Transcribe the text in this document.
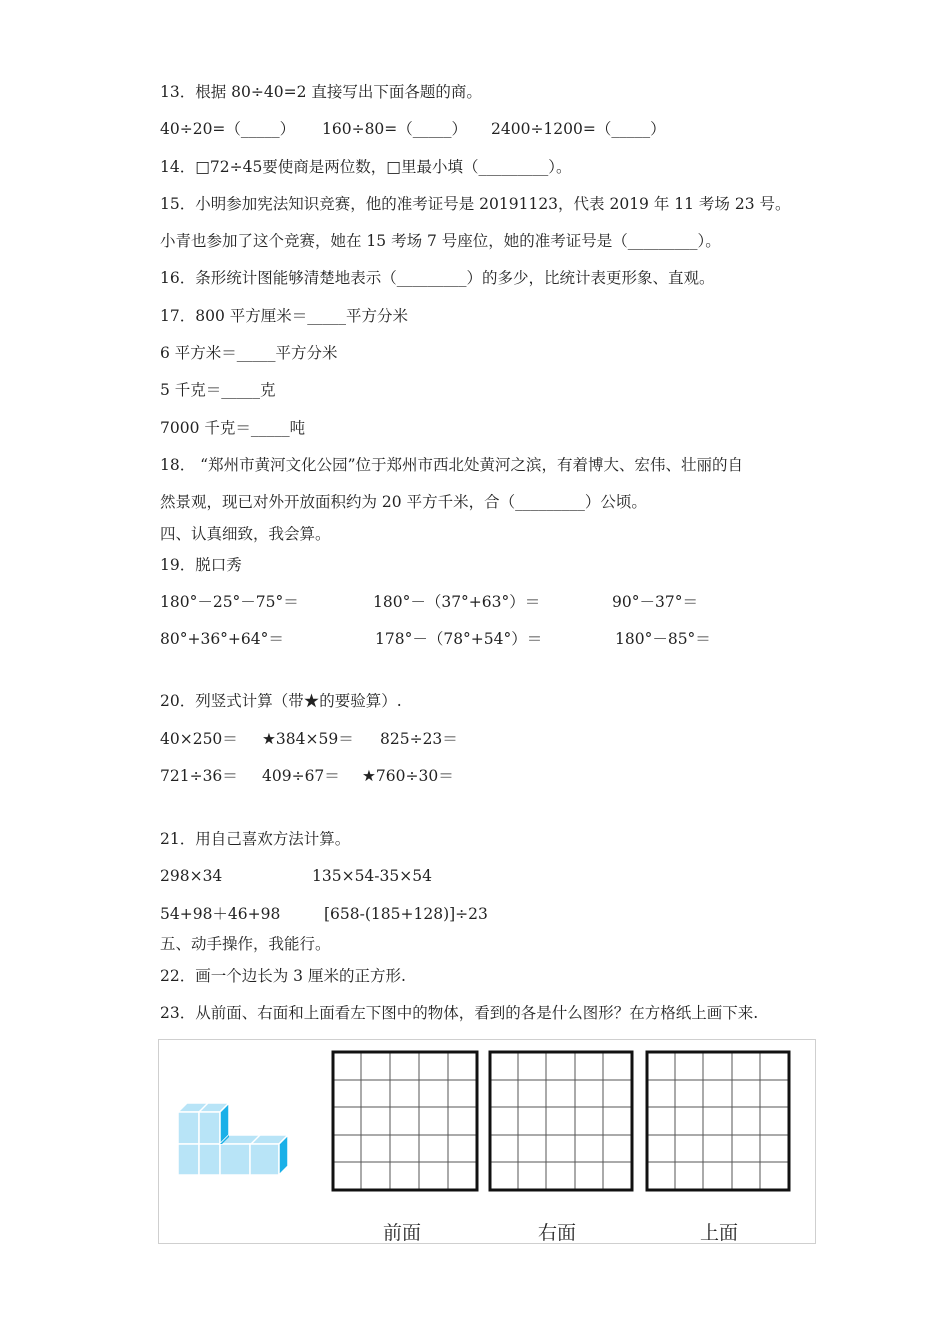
13．根据 80÷40=2 直接写出下面各题的商。
40÷20=（_____） 160÷80=（_____） 2400÷1200=（_____）
14．□72÷45要使商是两位数，□里最小填（_________）。
15．小明参加宪法知识竞赛，他的准考证号是 20191123，代表 2019 年 11 考场 23 号。
小青也参加了这个竞赛，她在 15 考场 7 号座位，她的准考证号是（_________）。
16．条形统计图能够清楚地表示（_________）的多少，比统计表更形象、直观。
17．800 平方厘米＝_____平方分米
6 平方米＝_____平方分米
5 千克＝_____克
7000 千克＝_____吨
18． “郑州市黄河文化公园”位于郑州市西北处黄河之滨，有着博大、宏伟、壮丽的自
然景观，现已对外开放面积约为 20 平方千米，合（_________）公顷。
四、认真细致，我会算。
19．脱口秀
180°－25°－75°＝	180°－（37°+63°）＝	90°－37°＝
80°+36°+64°＝	178°－（78°+54°）＝	180°－85°＝
20．列竖式计算（带★的要验算）.
40×250＝ ★384×59＝ 825÷23＝
721÷36＝ 409÷67＝ ★760÷30＝
21．用自己喜欢方法计算。
298×34	135×54-35×54
54+98＋46+98	[658-(185+128)]÷23
五、动手操作，我能行。
22．画一个边长为 3 厘米的正方形.
23．从前面、右面和上面看左下图中的物体，看到的各是什么图形？在方格纸上画下来.
前面	右面	上面
